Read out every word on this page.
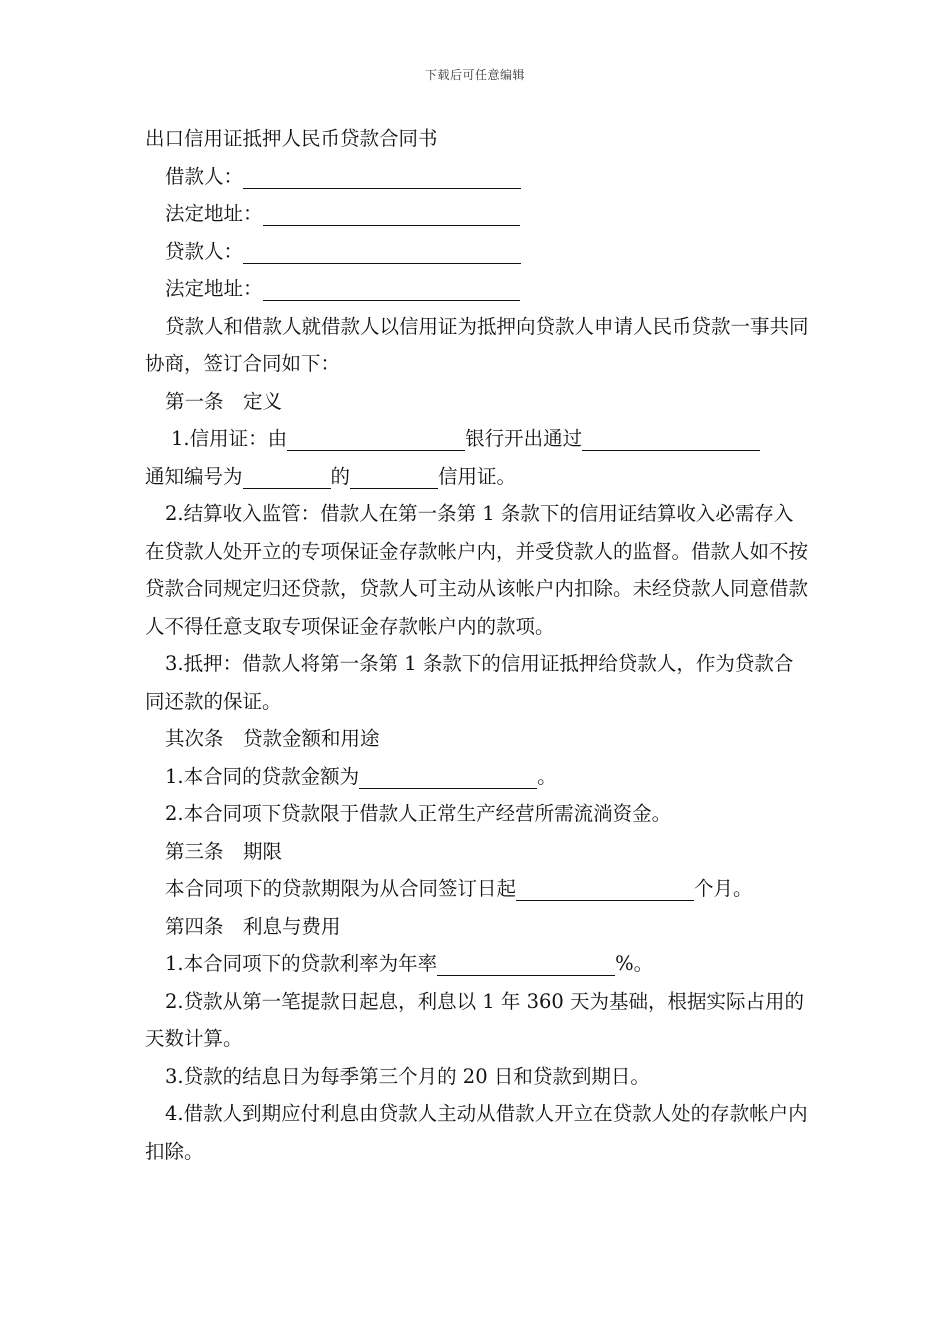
下载后可任意编辑
出口信用证抵押人民币贷款合同书
借款人：
法定地址：
贷款人：
法定地址：
贷款人和借款人就借款人以信用证为抵押向贷款人申请人民币贷款一事共同协商，签订合同如下：
第一条　定义
1.信用证：由	银行开出通过
通知编号为	的	信用证。
2.结算收入监管：借款人在第一条第 1 条款下的信用证结算收入必需存入在贷款人处开立的专项保证金存款帐户内，并受贷款人的监督。借款人如不按贷款合同规定归还贷款，贷款人可主动从该帐户内扣除。未经贷款人同意借款人不得任意支取专项保证金存款帐户内的款项。
3.抵押：借款人将第一条第 1 条款下的信用证抵押给贷款人，作为贷款合同还款的保证。
其次条　贷款金额和用途
1.本合同的贷款金额为	。
2.本合同项下贷款限于借款人正常生产经营所需流淌资金。
第三条　期限
本合同项下的贷款期限为从合同签订日起	个月。
第四条　利息与费用
1.本合同项下的贷款利率为年率	%。
2.贷款从第一笔提款日起息，利息以 1 年 360 天为基础，根据实际占用的天数计算。
3.贷款的结息日为每季第三个月的 20 日和贷款到期日。
4.借款人到期应付利息由贷款人主动从借款人开立在贷款人处的存款帐户内扣除。
